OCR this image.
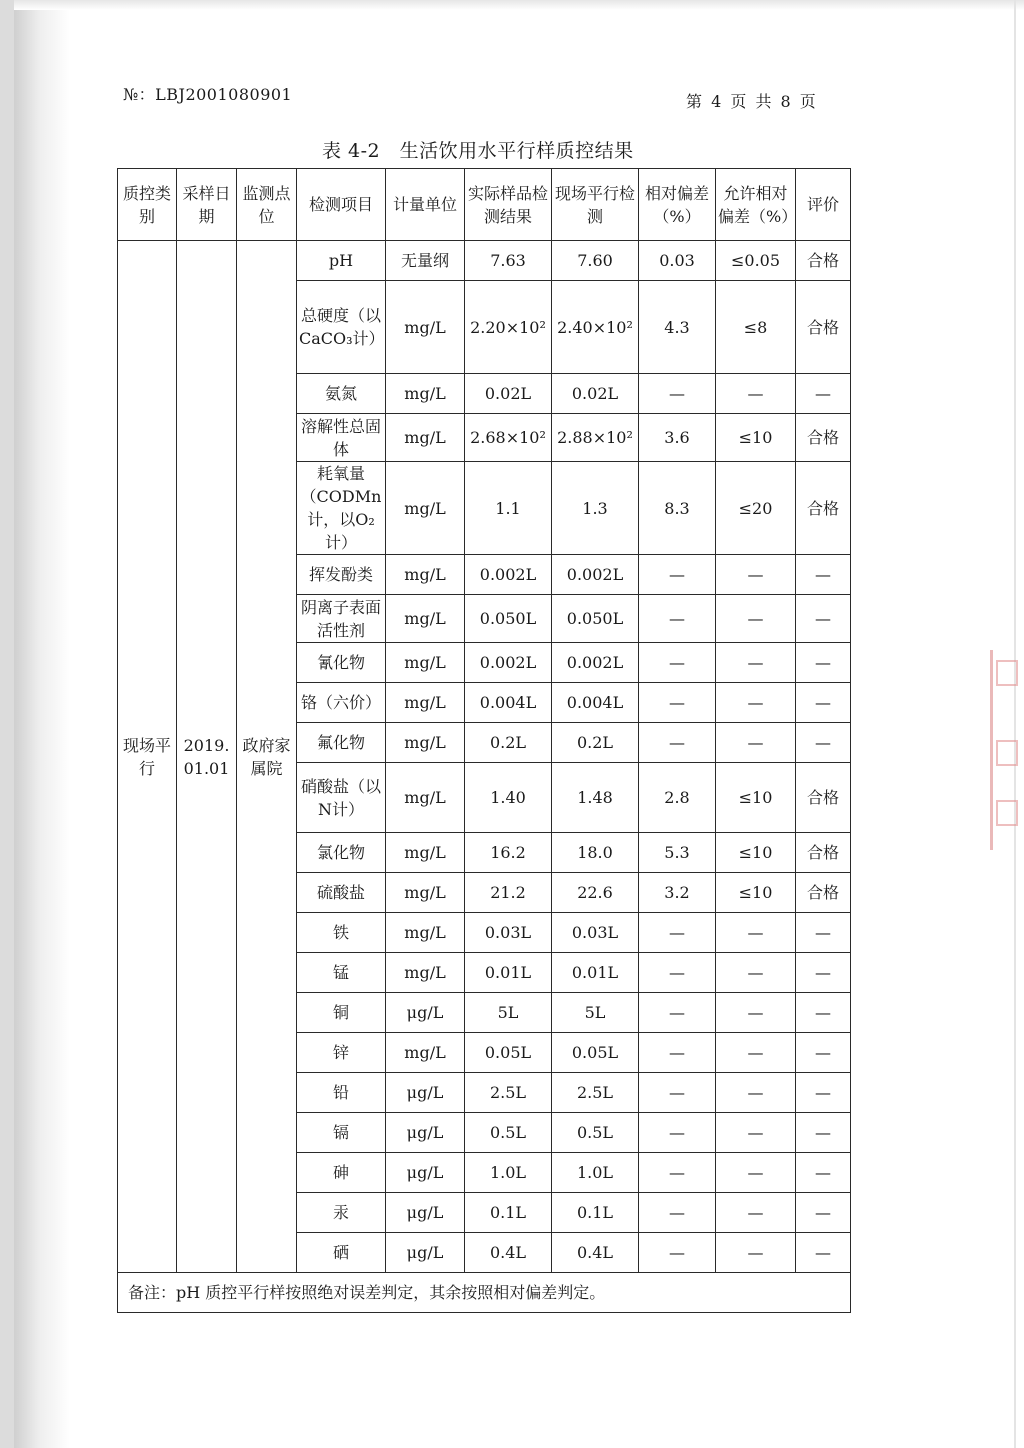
№：LBJ2001080901	第 4 页 共 8 页
表 4-2　生活饮用水平行样质控结果
质控类别	采样日期	监测点位	检测项目	计量单位	实际样品检测结果	现场平行检测	相对偏差（%）	允许相对偏差（%）	评价
现场平行	2019.01.01	政府家属院	pH	无量纲	7.63	7.60	0.03	≤0.05	合格
			总硬度（以CaCO₃计）	mg/L	2.20×10²	2.40×10²	4.3	≤8	合格
			氨氮	mg/L	0.02L	0.02L	—	—	—
			溶解性总固体	mg/L	2.68×10²	2.88×10²	3.6	≤10	合格
			耗氧量（CODMn计，以O₂计）	mg/L	1.1	1.3	8.3	≤20	合格
			挥发酚类	mg/L	0.002L	0.002L	—	—	—
			阴离子表面活性剂	mg/L	0.050L	0.050L	—	—	—
			氰化物	mg/L	0.002L	0.002L	—	—	—
			铬（六价）	mg/L	0.004L	0.004L	—	—	—
			氟化物	mg/L	0.2L	0.2L	—	—	—
			硝酸盐（以N计）	mg/L	1.40	1.48	2.8	≤10	合格
			氯化物	mg/L	16.2	18.0	5.3	≤10	合格
			硫酸盐	mg/L	21.2	22.6	3.2	≤10	合格
			铁	mg/L	0.03L	0.03L	—	—	—
			锰	mg/L	0.01L	0.01L	—	—	—
			铜	μg/L	5L	5L	—	—	—
			锌	mg/L	0.05L	0.05L	—	—	—
			铅	μg/L	2.5L	2.5L	—	—	—
			镉	μg/L	0.5L	0.5L	—	—	—
			砷	μg/L	1.0L	1.0L	—	—	—
			汞	μg/L	0.1L	0.1L	—	—	—
			硒	μg/L	0.4L	0.4L	—	—	—
备注：pH 质控平行样按照绝对误差判定，其余按照相对偏差判定。									
